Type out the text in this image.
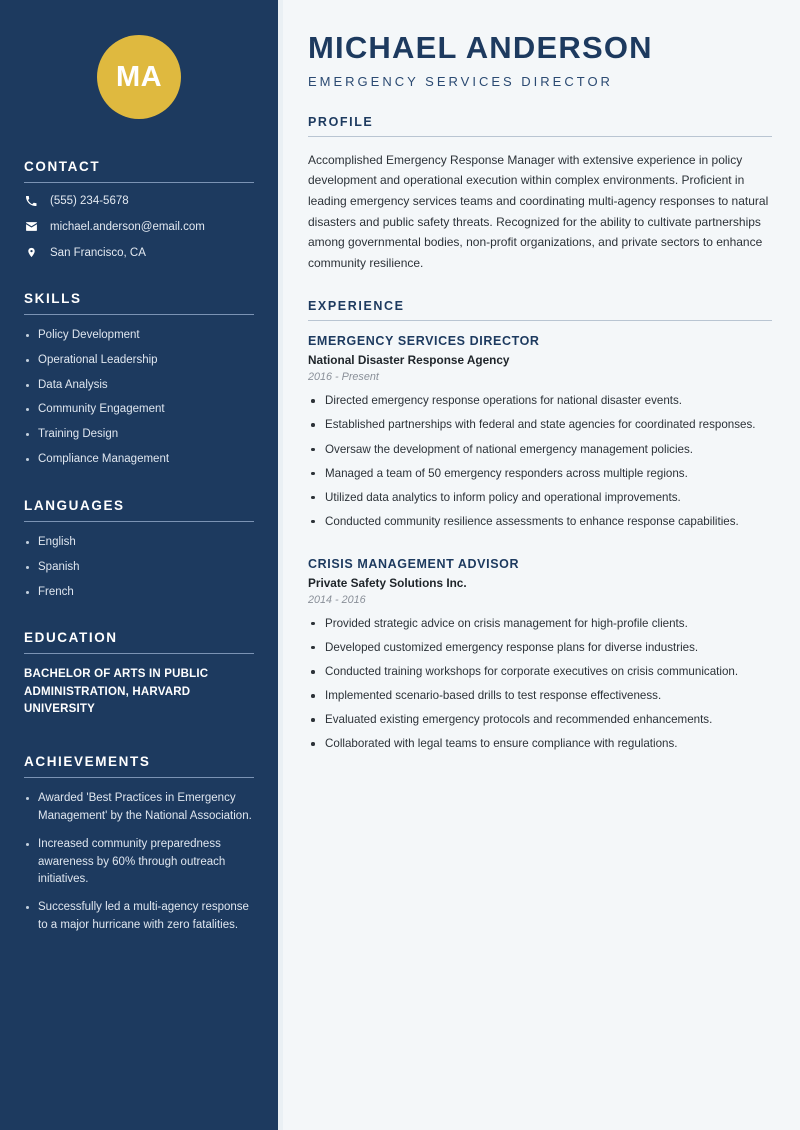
MA
CONTACT
(555) 234-5678
michael.anderson@email.com
San Francisco, CA
SKILLS
Policy Development
Operational Leadership
Data Analysis
Community Engagement
Training Design
Compliance Management
LANGUAGES
English
Spanish
French
EDUCATION
BACHELOR OF ARTS IN PUBLIC ADMINISTRATION, HARVARD UNIVERSITY
ACHIEVEMENTS
Awarded 'Best Practices in Emergency Management' by the National Association.
Increased community preparedness awareness by 60% through outreach initiatives.
Successfully led a multi-agency response to a major hurricane with zero fatalities.
MICHAEL ANDERSON
EMERGENCY SERVICES DIRECTOR
PROFILE

Accomplished Emergency Response Manager with extensive experience in policy development and operational execution within complex environments. Proficient in leading emergency services teams and coordinating multi-agency responses to natural disasters and public safety threats. Recognized for the ability to cultivate partnerships among governmental bodies, non-profit organizations, and private sectors to enhance community resilience.

EXPERIENCE
EMERGENCY SERVICES DIRECTOR
National Disaster Response Agency
2016 - Present
Directed emergency response operations for national disaster events.
Established partnerships with federal and state agencies for coordinated responses.
Oversaw the development of national emergency management policies.
Managed a team of 50 emergency responders across multiple regions.
Utilized data analytics to inform policy and operational improvements.
Conducted community resilience assessments to enhance response capabilities.
CRISIS MANAGEMENT ADVISOR
Private Safety Solutions Inc.
2014 - 2016
Provided strategic advice on crisis management for high-profile clients.
Developed customized emergency response plans for diverse industries.
Conducted training workshops for corporate executives on crisis communication.
Implemented scenario-based drills to test response effectiveness.
Evaluated existing emergency protocols and recommended enhancements.
Collaborated with legal teams to ensure compliance with regulations.
